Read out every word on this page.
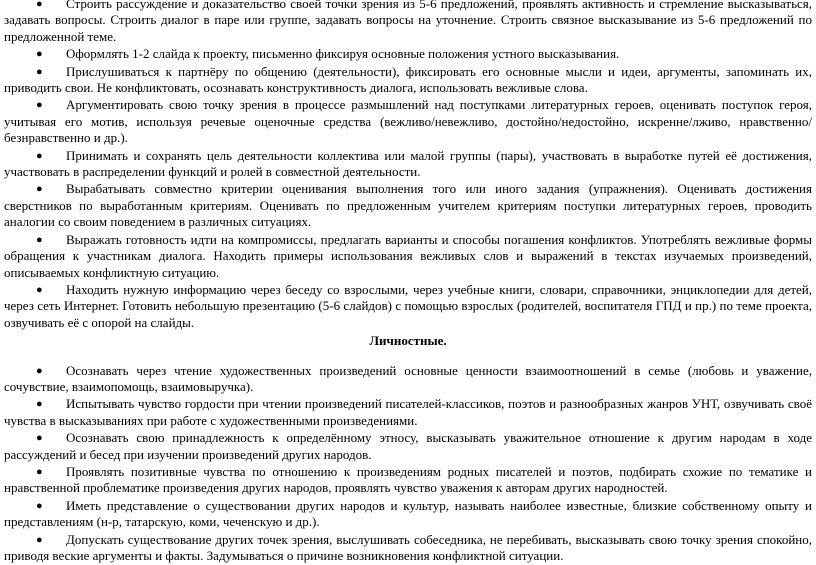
● Строить рассуждение и доказательство своей точки зрения из 5-6 предложений, проявлять активность и стремление высказываться, задавать вопросы. Строить диалог в паре или группе, задавать вопросы на уточнение. Строить связное высказывание из 5-6 предложений по предложенной теме.
● Оформлять 1-2 слайда к проекту, письменно фиксируя основные положения устного высказывания.
● Прислушиваться к партнёру по общению (деятельности), фиксировать его основные мысли и идеи, аргументы, запоминать их, приводить свои. Не конфликтовать, осознавать конструктивность диалога, использовать вежливые слова.
● Аргументировать свою точку зрения в процессе размышлений над поступками литературных героев, оценивать поступок героя, учитывая его мотив, используя речевые оценочные средства (вежливо/невежливо, достойно/недостойно, искренне/лживо, нравственно/безнравственно и др.).
● Принимать и сохранять цель деятельности коллектива или малой группы (пары), участвовать в выработке путей её достижения, участвовать в распределении функций и ролей в совместной деятельности.
● Вырабатывать совместно критерии оценивания выполнения того или иного задания (упражнения). Оценивать достижения сверстников по выработанным критериям. Оценивать по предложенным учителем критериям поступки литературных героев, проводить аналогии со своим поведением в различных ситуациях.
● Выражать готовность идти на компромиссы, предлагать варианты и способы погашения конфликтов. Употреблять вежливые формы обращения к участникам диалога. Находить примеры использования вежливых слов и выражений в текстах изучаемых произведений, описываемых конфликтную ситуацию.
● Находить нужную информацию через беседу со взрослыми, через учебные книги, словари, справочники, энциклопедии для детей, через сеть Интернет. Готовить небольшую презентацию (5-6 слайдов) с помощью взрослых (родителей, воспитателя ГПД и пр.) по теме проекта, озвучивать её с опорой на слайды.
Личностные.
● Осознавать через чтение художественных произведений основные ценности взаимоотношений в семье (любовь и уважение, сочувствие, взаимопомощь, взаимовыручка).
● Испытывать чувство гордости при чтении произведений писателей-классиков, поэтов и разнообразных жанров УНТ, озвучивать своё чувства в высказываниях при работе с художественными произведениями.
● Осознавать свою принадлежность к определённому этносу, высказывать уважительное отношение к другим народам в ходе рассуждений и бесед при изучении произведений других народов.
● Проявлять позитивные чувства по отношению к произведениям родных писателей и поэтов, подбирать схожие по тематике и нравственной проблематике произведения других народов, проявлять чувство уважения к авторам других народностей.
● Иметь представление о существовании других народов и культур, называть наиболее известные, близкие собственному опыту и представлениям (н-р, татарскую, коми, чеченскую и др.).
● Допускать существование других точек зрения, выслушивать собеседника, не перебивать, высказывать свою точку зрения спокойно, приводя веские аргументы и факты. Задумываться о причине возникновения конфликтной ситуации.
